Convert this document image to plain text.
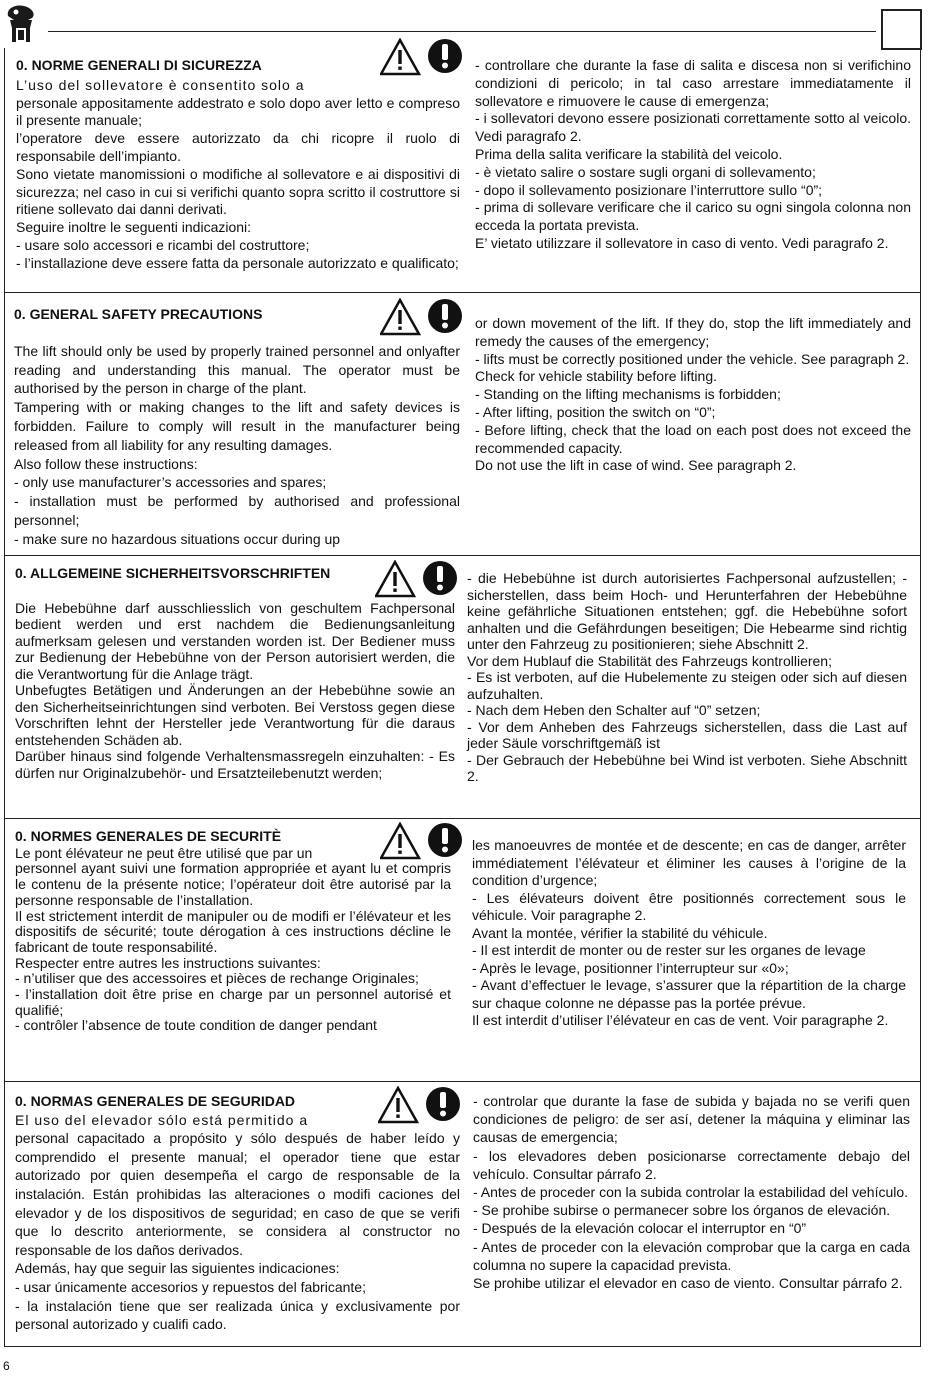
0. NORME GENERALI DI SICUREZZA

L’uso del sollevatore è consentito solo a

personale appositamente addestrato e solo dopo aver letto e compreso il presente manuale;

l’operatore deve essere autorizzato da chi ricopre il ruolo di responsabile dell’impianto.

Sono vietate manomissioni o modifiche al sollevatore e ai dispositivi di sicurezza; nel caso in cui si verifichi quanto sopra scritto il costruttore si ritiene sollevato dai danni derivati.

Seguire inoltre le seguenti indicazioni:

- usare solo accessori e ricambi del costruttore;

- l’installazione deve essere fatta da personale autorizzato e qualificato;

- controllare che durante la fase di salita e discesa non si verifichino condizioni di pericolo; in tal caso arrestare immediatamente il sollevatore e rimuovere le cause di emergenza;

- i sollevatori devono essere posizionati correttamente sotto al veicolo. Vedi paragrafo 2.

Prima della salita verificare la stabilità del veicolo.

- è vietato salire o sostare sugli organi di sollevamento;

- dopo il sollevamento posizionare l’interruttore sullo “0”;

- prima di sollevare verificare che il carico su ogni singola colonna non ecceda la portata prevista.

E’ vietato utilizzare il sollevatore in caso di vento. Vedi paragrafo 2.

0. GENERAL SAFETY PRECAUTIONS

The lift should only be used by properly trained personnel and onlyafter reading and understanding this manual. The operator must be authorised by the person in charge of the plant.

Tampering with or making changes to the lift and safety devices is forbidden. Failure to comply will result in the manufacturer being released from all liability for any resulting damages.

Also follow these instructions:

- only use manufacturer’s accessories and spares;

- installation must be performed by authorised and professional personnel;

- make sure no hazardous situations occur during up

or down movement of the lift. If they do, stop the lift immediately and remedy the causes of the emergency;

- lifts must be correctly positioned under the vehicle. See paragraph 2.

Check for vehicle stability before lifting.

- Standing on the lifting mechanisms is forbidden;

- After lifting, position the switch on “0”;

- Before lifting, check that the load on each post does not exceed the recommended capacity.

Do not use the lift in case of wind. See paragraph 2.

0. ALLGEMEINE SICHERHEITSVORSCHRIFTEN

Die Hebebühne darf ausschliesslich von geschultem Fachpersonal bedient werden und erst nachdem die Bedienungsanleitung aufmerksam gelesen und verstanden worden ist. Der Bediener muss zur Bedienung der Hebebühne von der Person autorisiert werden, die die Verantwortung für die Anlage trägt.

Unbefugtes Betätigen und Änderungen an der Hebebühne sowie an den Sicherheitseinrichtungen sind verboten. Bei Verstoss gegen diese Vorschriften lehnt der Hersteller jede Verantwortung für die daraus entstehenden Schäden ab.

Darüber hinaus sind folgende Verhaltensmassregeln einzuhalten: - Es dürfen nur Originalzubehör- und Ersatzteilebenutzt werden;

- die Hebebühne ist durch autorisiertes Fachpersonal aufzustellen; - sicherstellen, dass beim Hoch- und Herunterfahren der Hebebühne keine gefährliche Situationen entstehen; ggf. die Hebebühne sofort anhalten und die Gefährdungen beseitigen; Die Hebearme sind richtig unter den Fahrzeug zu positionieren; siehe Abschnitt 2.

Vor dem Hublauf die Stabilität des Fahrzeugs kontrollieren;

- Es ist verboten, auf die Hubelemente zu steigen oder sich auf diesen aufzuhalten.

- Nach dem Heben den Schalter auf “0” setzen;

- Vor dem Anheben des Fahrzeugs sicherstellen, dass die Last auf jeder Säule vorschriftgemäß ist

- Der Gebrauch der Hebebühne bei Wind ist verboten. Siehe Abschnitt 2.

0. NORMES GENERALES DE SECURITÈ

Le pont élévateur ne peut être utilisé que par un

personnel ayant suivi une formation appropriée et ayant lu et compris le contenu de la présente notice; l’opérateur doit être autorisé par la personne responsable de l’installation.

Il est strictement interdit de manipuler ou de modifi er l’élévateur et les dispositifs de sécurité; toute dérogation à ces instructions décline le fabricant de toute responsabilité.

Respecter entre autres les instructions suivantes:

- n’utiliser que des accessoires et pièces de rechange Originales;

- l’installation doit être prise en charge par un personnel autorisé et qualifié;

- contrôler l’absence de toute condition de danger pendant

les manoeuvres de montée et de descente; en cas de danger, arrêter immédiatement l’élévateur et éliminer les causes à l’origine de la condition d’urgence;

- Les élévateurs doivent être positionnés correctement sous le véhicule. Voir paragraphe 2.

Avant la montée, vérifier la stabilité du véhicule.

- Il est interdit de monter ou de rester sur les organes de levage

- Après le levage, positionner l’interrupteur sur «0»;

- Avant d’effectuer le levage, s’assurer que la répartition de la charge sur chaque colonne ne dépasse pas la portée prévue.

Il est interdit d’utiliser l’élévateur en cas de vent. Voir paragraphe 2.

0. NORMAS GENERALES DE SEGURIDAD

El uso del elevador sólo está permitido a

personal capacitado a propósito y sólo después de haber leído y comprendido el presente manual; el operador tiene que estar autorizado por quien desempeña el cargo de responsable de la instalación. Están prohibidas las alteraciones o modifi caciones del elevador y de los dispositivos de seguridad; en caso de que se verifi que lo descrito anteriormente, se considera al constructor no responsable de los daños derivados.

Además, hay que seguir las siguientes indicaciones:

- usar únicamente accesorios y repuestos del fabricante;

- la instalación tiene que ser realizada única y exclusivamente por personal autorizado y cualifi cado.

- controlar que durante la fase de subida y bajada no se verifi quen condiciones de peligro: de ser así, detener la máquina y eliminar las causas de emergencia;

- los elevadores deben posicionarse correctamente debajo del vehículo. Consultar párrafo 2.

- Antes de proceder con la subida controlar la estabilidad del vehículo.

- Se prohibe subirse o permanecer sobre los órganos de elevación.

- Después de la elevación colocar el interruptor en “0”

- Antes de proceder con la elevación comprobar que la carga en cada columna no supere la capacidad prevista.

Se prohibe utilizar el elevador en caso de viento. Consultar párrafo 2.

6
